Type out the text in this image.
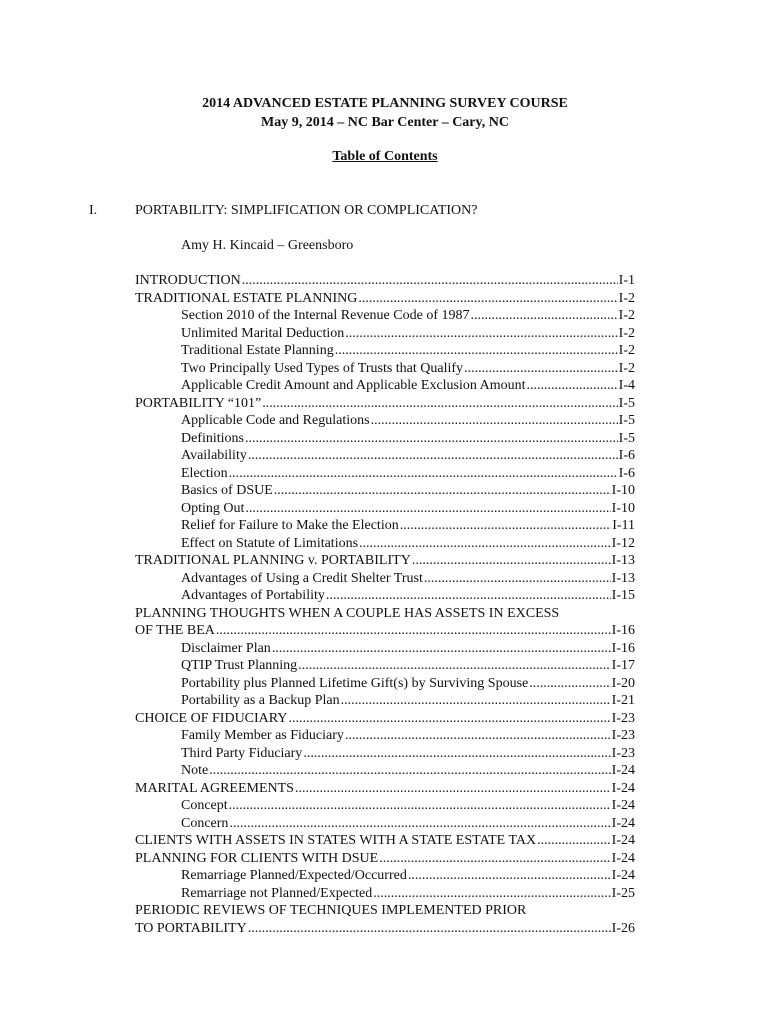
2014 ADVANCED ESTATE PLANNING SURVEY COURSE
May 9, 2014 – NC Bar Center – Cary, NC
Table of Contents
I.	PORTABILITY: SIMPLIFICATION OR COMPLICATION?
Amy H. Kincaid – Greensboro
INTRODUCTION .....	I-1
TRADITIONAL ESTATE PLANNING .....	I-2
Section 2010 of the Internal Revenue Code of 1987 .....	I-2
Unlimited Marital Deduction .....	I-2
Traditional Estate Planning .....	I-2
Two Principally Used Types of Trusts that Qualify .....	I-2
Applicable Credit Amount and Applicable Exclusion Amount .....	I-4
PORTABILITY “101” .....	I-5
Applicable Code and Regulations .....	I-5
Definitions .....	I-5
Availability .....	I-6
Election .....	I-6
Basics of DSUE .....	I-10
Opting Out .....	I-10
Relief for Failure to Make the Election .....	I-11
Effect on Statute of Limitations .....	I-12
TRADITIONAL PLANNING v. PORTABILITY .....	I-13
Advantages of Using a Credit Shelter Trust .....	I-13
Advantages of Portability .....	I-15
PLANNING THOUGHTS WHEN A COUPLE HAS ASSETS IN EXCESS
OF THE BEA .....	I-16
Disclaimer Plan .....	I-16
QTIP Trust Planning .....	I-17
Portability plus Planned Lifetime Gift(s) by Surviving Spouse .....	I-20
Portability as a Backup Plan .....	I-21
CHOICE OF FIDUCIARY .....	I-23
Family Member as Fiduciary .....	I-23
Third Party Fiduciary .....	I-23
Note .....	I-24
MARITAL AGREEMENTS .....	I-24
Concept .....	I-24
Concern .....	I-24
CLIENTS WITH ASSETS IN STATES WITH A STATE ESTATE TAX .....	I-24
PLANNING FOR CLIENTS WITH DSUE .....	I-24
Remarriage Planned/Expected/Occurred .....	I-24
Remarriage not Planned/Expected .....	I-25
PERIODIC REVIEWS OF TECHNIQUES IMPLEMENTED PRIOR
TO PORTABILITY .....	I-26
